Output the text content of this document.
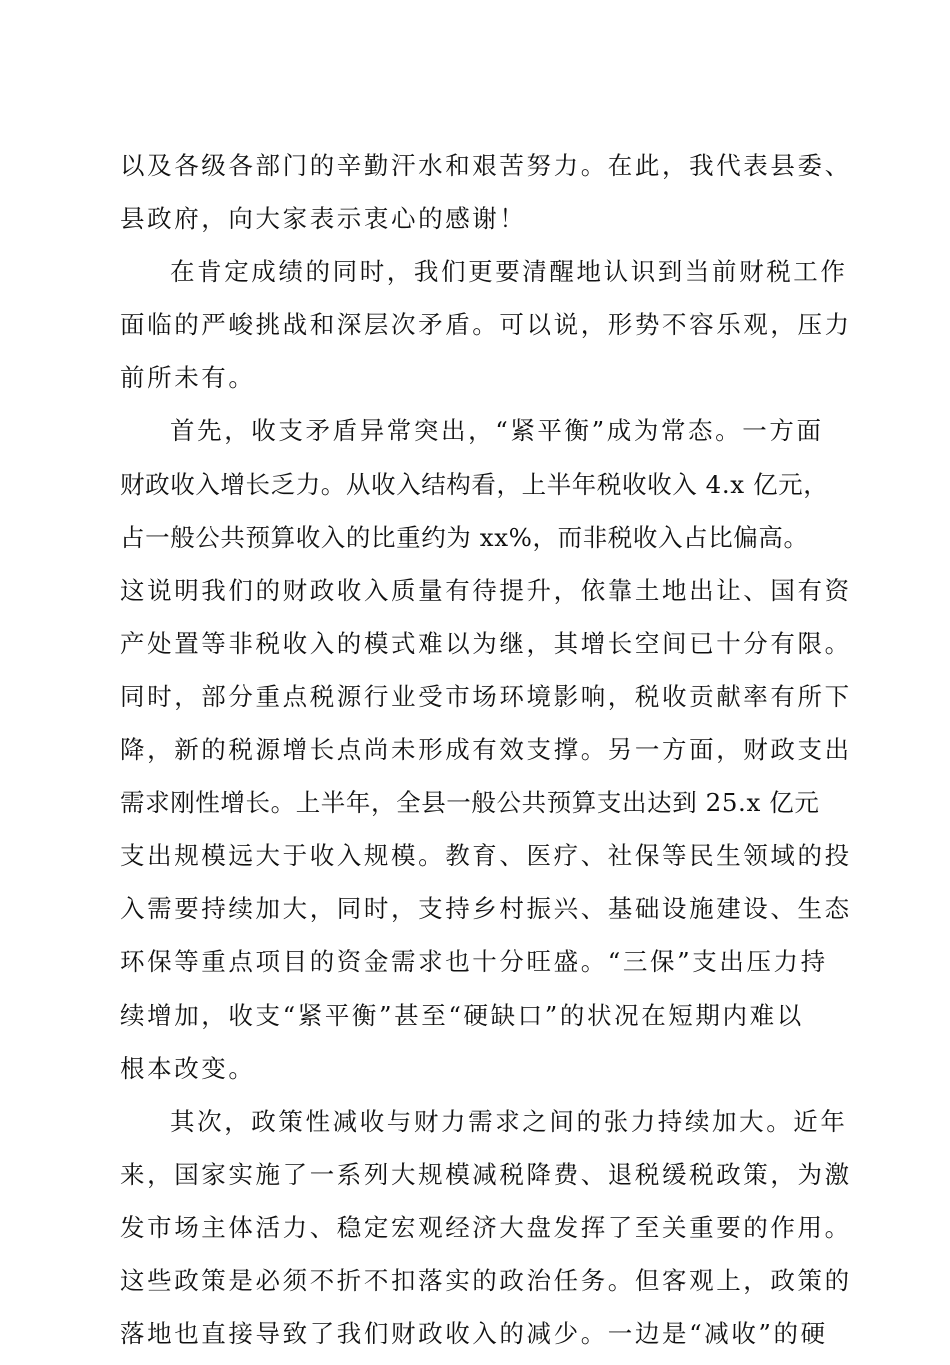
以及各级各部门的辛勤汗水和艰苦努力。在此，我代表县委、
县政府，向大家表示衷心的感谢！
在肯定成绩的同时，我们更要清醒地认识到当前财税工作
面临的严峻挑战和深层次矛盾。可以说，形势不容乐观，压力
前所未有。
首先，收支矛盾异常突出，“紧平衡”成为常态。一方面
财政收入增长乏力。从收入结构看，上半年税收收入 4.x 亿元，
占一般公共预算收入的比重约为 xx%，而非税收入占比偏高。
这说明我们的财政收入质量有待提升，依靠土地出让、国有资
产处置等非税收入的模式难以为继，其增长空间已十分有限。
同时，部分重点税源行业受市场环境影响，税收贡献率有所下
降，新的税源增长点尚未形成有效支撑。另一方面，财政支出
需求刚性增长。上半年，全县一般公共预算支出达到 25.x 亿元
支出规模远大于收入规模。教育、医疗、社保等民生领域的投
入需要持续加大，同时，支持乡村振兴、基础设施建设、生态
环保等重点项目的资金需求也十分旺盛。“三保”支出压力持
续增加，收支“紧平衡”甚至“硬缺口”的状况在短期内难以
根本改变。
其次，政策性减收与财力需求之间的张力持续加大。近年
来，国家实施了一系列大规模减税降费、退税缓税政策，为激
发市场主体活力、稳定宏观经济大盘发挥了至关重要的作用。
这些政策是必须不折不扣落实的政治任务。但客观上，政策的
落地也直接导致了我们财政收入的减少。一边是“减收”的硬
